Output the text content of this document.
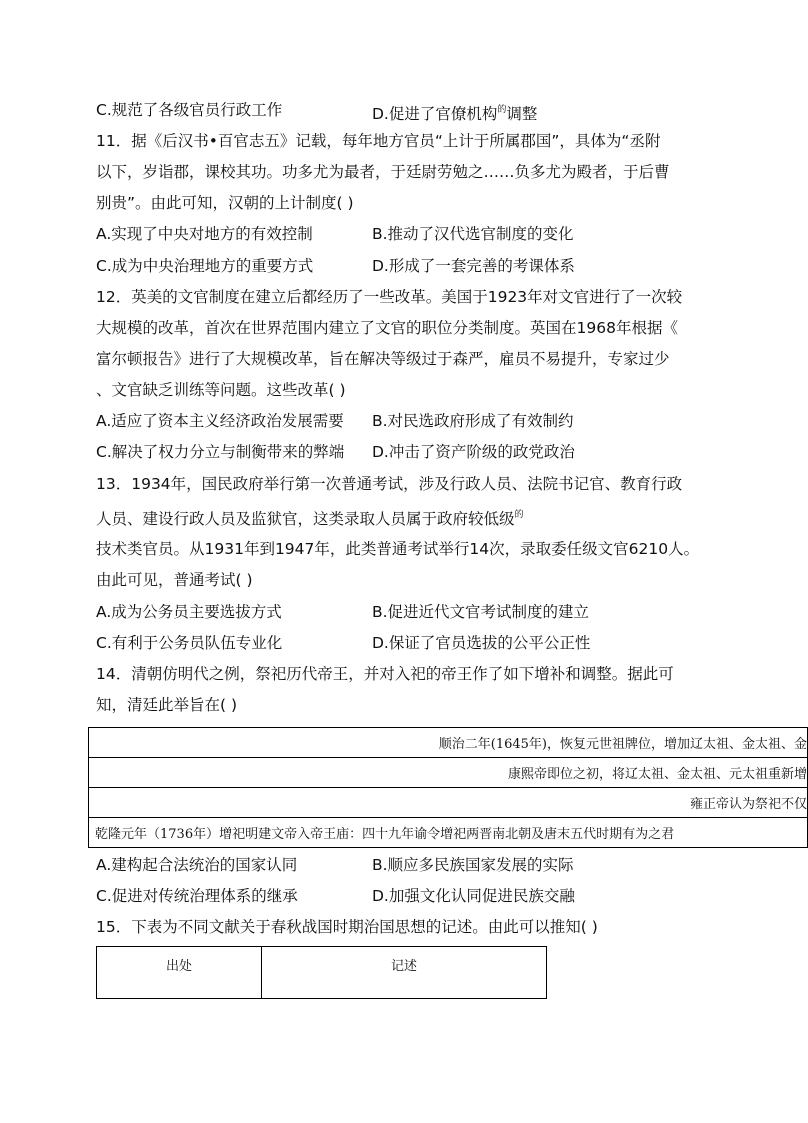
C.规范了各级官员行政工作	D.促进了官僚机构$^的$调整
11．据《后汉书•百官志五》记载，每年地方官员“上计于所属郡国”，具体为“丞附
以下，岁诣郡，课校其功。功多尤为最者，于廷尉劳勉之……负多尤为殿者，于后曹
别贵”。由此可知，汉朝的上计制度( )
A.实现了中央对地方的有效控制	B.推动了汉代选官制度的变化
C.成为中央治理地方的重要方式	D.形成了一套完善的考课体系
12．英美的文官制度在建立后都经历了一些改革。美国于1923年对文官进行了一次较
大规模的改革，首次在世界范围内建立了文官的职位分类制度。英国在1968年根据《
富尔顿报告》进行了大规模改革，旨在解决等级过于森严，雇员不易提升，专家过少
、文官缺乏训练等问题。这些改革( )
A.适应了资本主义经济政治发展需要 B.对民选政府形成了有效制约
C.解决了权力分立与制衡带来的弊端 D.冲击了资产阶级的政党政治
13．1934年，国民政府举行第一次普通考试，涉及行政人员、法院书记官、教育行政
人员、建设行政人员及监狱官，这类录取人员属于政府较低级$^的$
技术类官员。从1931年到1947年，此类普通考试举行14次，录取委任级文官6210人。
由此可见，普通考试( )
A.成为公务员主要选拔方式	B.促进近代文官考试制度的建立
C.有利于公务员队伍专业化	D.保证了官员选拔的公平公正性
14．清朝仿明代之例，祭祀历代帝王，并对入祀的帝王作了如下增补和调整。据此可
知，清廷此举旨在( )
顺治二年(1645年)，恢复元世祖牌位，增加辽太祖、金太祖、金
康熙帝即位之初，将辽太祖、金太祖、元太祖重新增
雍正帝认为祭祀不仅
乾隆元年（1736年）增祀明建文帝入帝王庙：四十九年谕令增祀两晋南北朝及唐末五代时期有为之君
A.建构起合法统治的国家认同	B.顺应多民族国家发展的实际
C.促进对传统治理体系的继承	D.加强文化认同促进民族交融
15．下表为不同文献关于春秋战国时期治国思想的记述。由此可以推知( )
出处	记述
